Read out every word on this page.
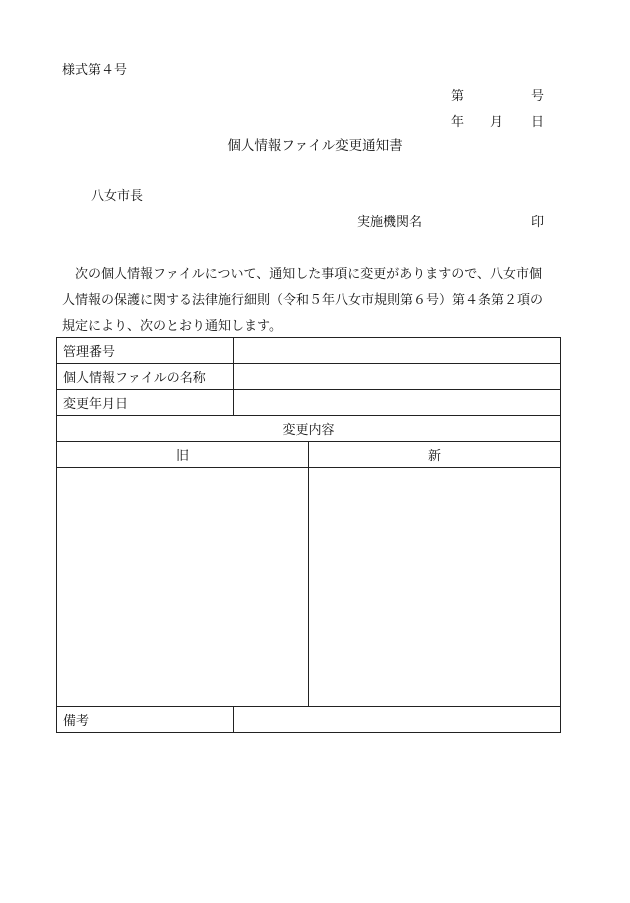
様式第４号
第	号
年 月 日
個人情報ファイル変更通知書
八女市長
実施機関名	印
　次の個人情報ファイルについて、通知した事項に変更がありますので、八女市個
人情報の保護に関する法律施行細則（令和５年八女市規則第６号）第４条第２項の
規定により、次のとおり通知します。
管理番号		
個人情報ファイルの名称		
変更年月日		
変更内容		
旧		新

備考		
